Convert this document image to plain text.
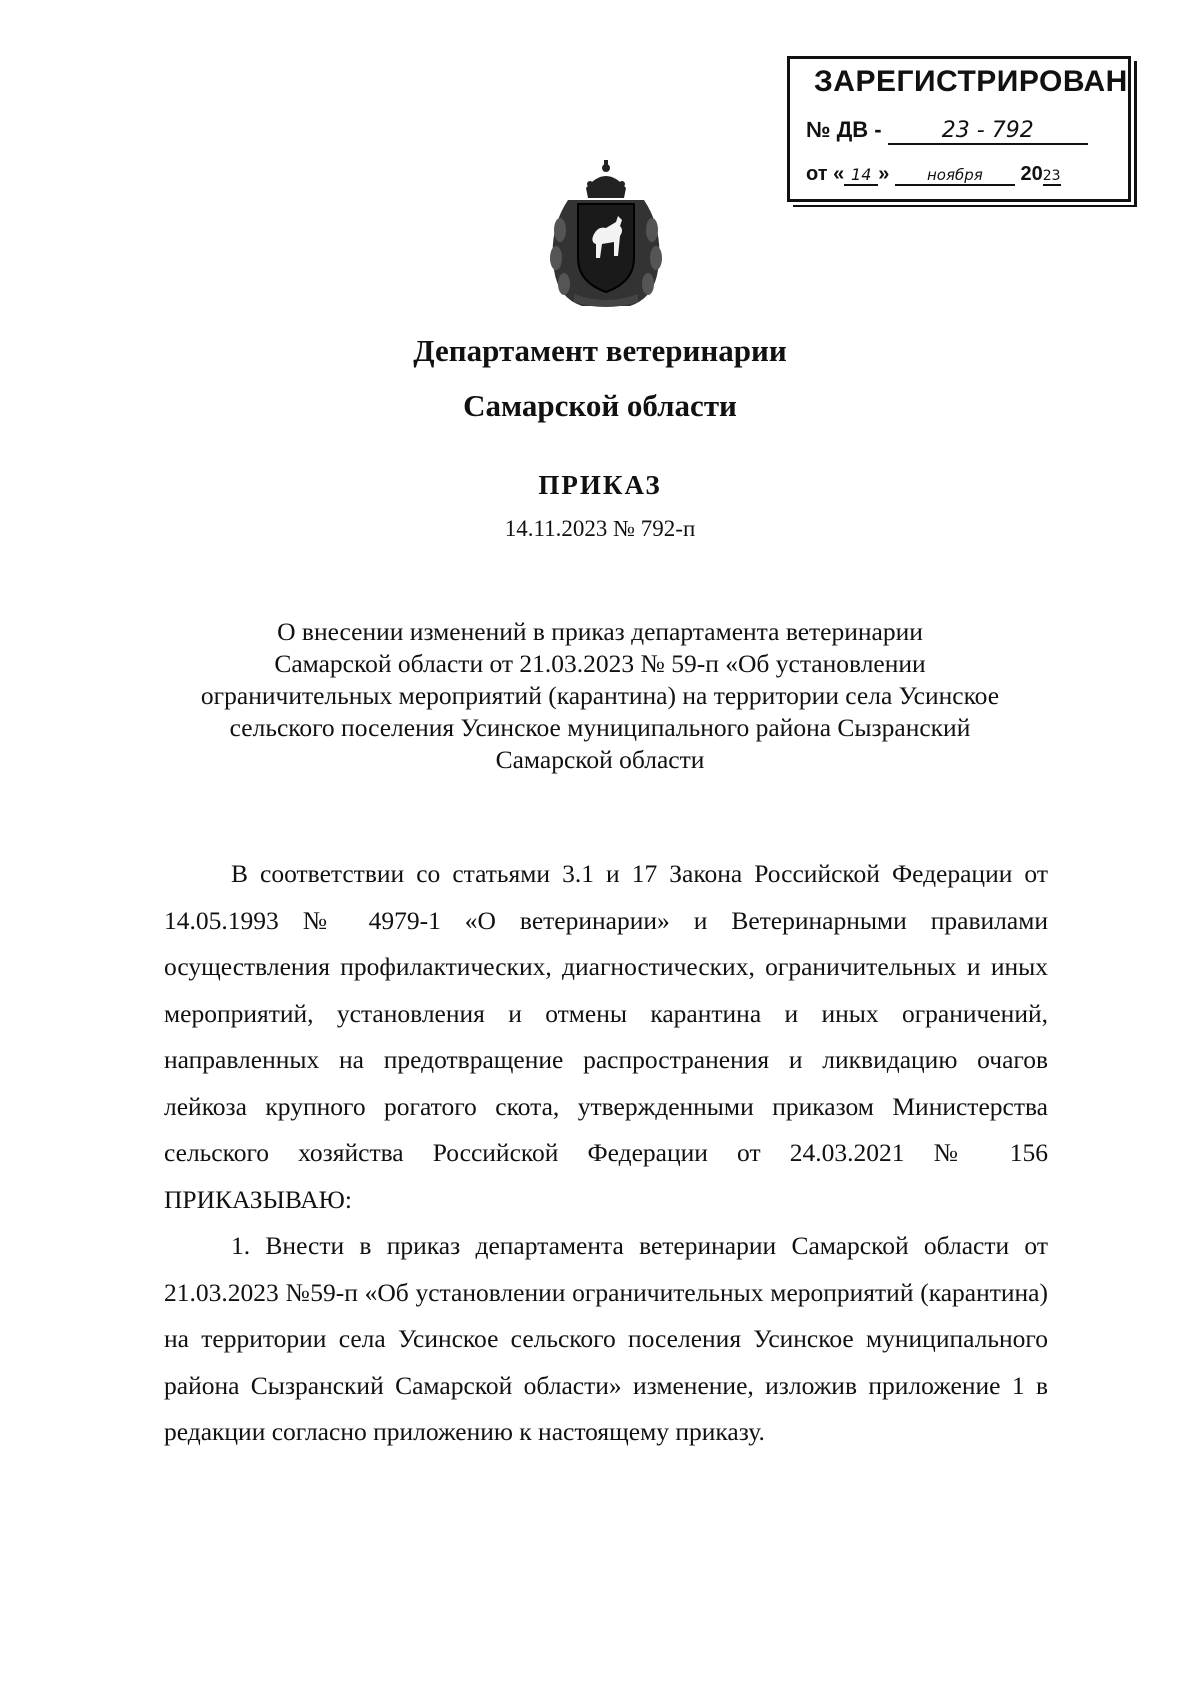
ЗАРЕГИСТРИРОВАН
№ ДВ -	23 - 792
от « 14 »	ноября 2023
Департамент ветеринарии
Самарской области
ПРИКАЗ
14.11.2023 № 792-п
О внесении изменений в приказ департамента ветеринарии
Самарской области от 21.03.2023 № 59-п «Об установлении
ограничительных мероприятий (карантина) на территории села Усинское
сельского поселения Усинское муниципального района Сызранский
Самарской области

В соответствии со статьями 3.1 и 17 Закона Российской Федерации от 14.05.1993 № 4979-1 «О ветеринарии» и Ветеринарными правилами осуществления профилактических, диагностических, ограничительных и иных мероприятий, установления и отмены карантина и иных ограничений, направленных на предотвращение распространения и ликвидацию очагов лейкоза крупного рогатого скота, утвержденными приказом Министерства сельского хозяйства Российской Федерации от 24.03.2021 № 156 ПРИКАЗЫВАЮ:

1. Внести в приказ департамента ветеринарии Самарской области от 21.03.2023 №59-п «Об установлении ограничительных мероприятий (карантина) на территории села Усинское сельского поселения Усинское муниципального района Сызранский Самарской области» изменение, изложив приложение 1 в редакции согласно приложению к настоящему приказу.
